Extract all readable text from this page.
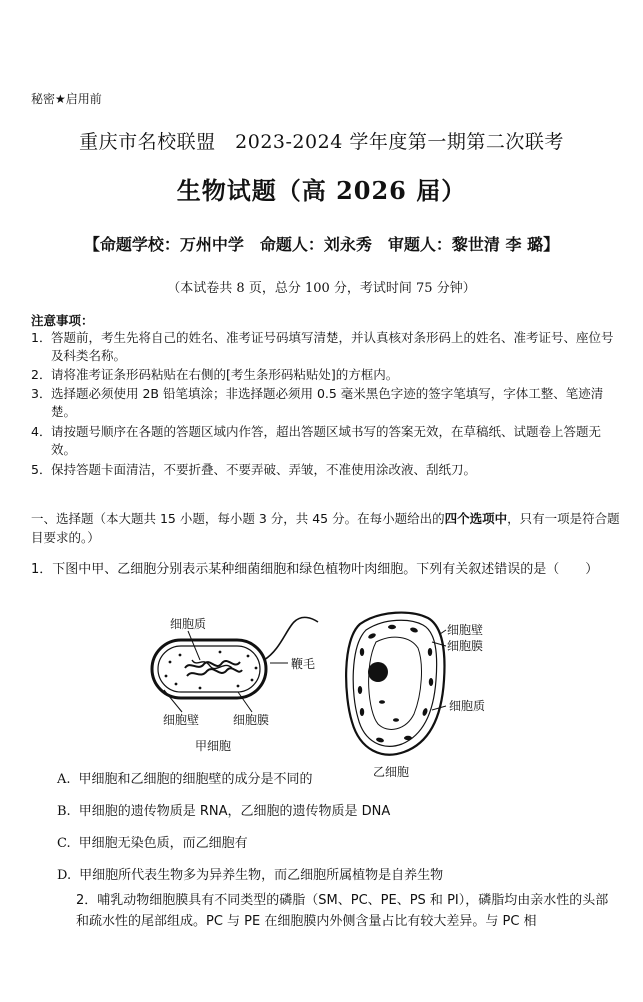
秘密★启用前
重庆市名校联盟　2023-2024 学年度第一期第二次联考
生物试题（高 2026 届）
【命题学校：万州中学　命题人：刘永秀　审题人：黎世清 李 璐】
（本试卷共 8 页，总分 100 分，考试时间 75 分钟）
注意事项：
1． 答题前，考生先将自己的姓名、准考证号码填写清楚，并认真核对条形码上的姓名、准考证号、座位号及科类名称。
2． 请将准考证条形码粘贴在右侧的[考生条形码粘贴处]的方框内。
3． 选择题必须使用 2B 铅笔填涂；非选择题必须用 0.5 毫米黑色字迹的签字笔填写，字体工整、笔迹清楚。
4． 请按题号顺序在各题的答题区域内作答，超出答题区域书写的答案无效，在草稿纸、试题卷上答题无效。
5． 保持答题卡面清洁，不要折叠、不要弄破、弄皱，不准使用涂改液、刮纸刀。
一、选择题（本大题共 15 小题，每小题 3 分，共 45 分。在每小题给出的四个选项中，只有一项是符合题目要求的。）
1．下图中甲、乙细胞分别表示某种细菌细胞和绿色植物叶肉细胞。下列有关叙述错误的是（　　）
细胞质
鞭毛
细胞壁	细胞膜
甲细胞
细胞壁
细胞膜
细胞质
乙细胞
A. 甲细胞和乙细胞的细胞壁的成分是不同的
B. 甲细胞的遗传物质是 RNA，乙细胞的遗传物质是 DNA
C. 甲细胞无染色质，而乙细胞有
D. 甲细胞所代表生物多为异养生物，而乙细胞所属植物是自养生物
2．哺乳动物细胞膜具有不同类型的磷脂（SM、PC、PE、PS 和 PI），磷脂均由亲水性的头部和疏水性的尾部组成。PC 与 PE 在细胞膜内外侧含量占比有较大差异。与 PC 相
